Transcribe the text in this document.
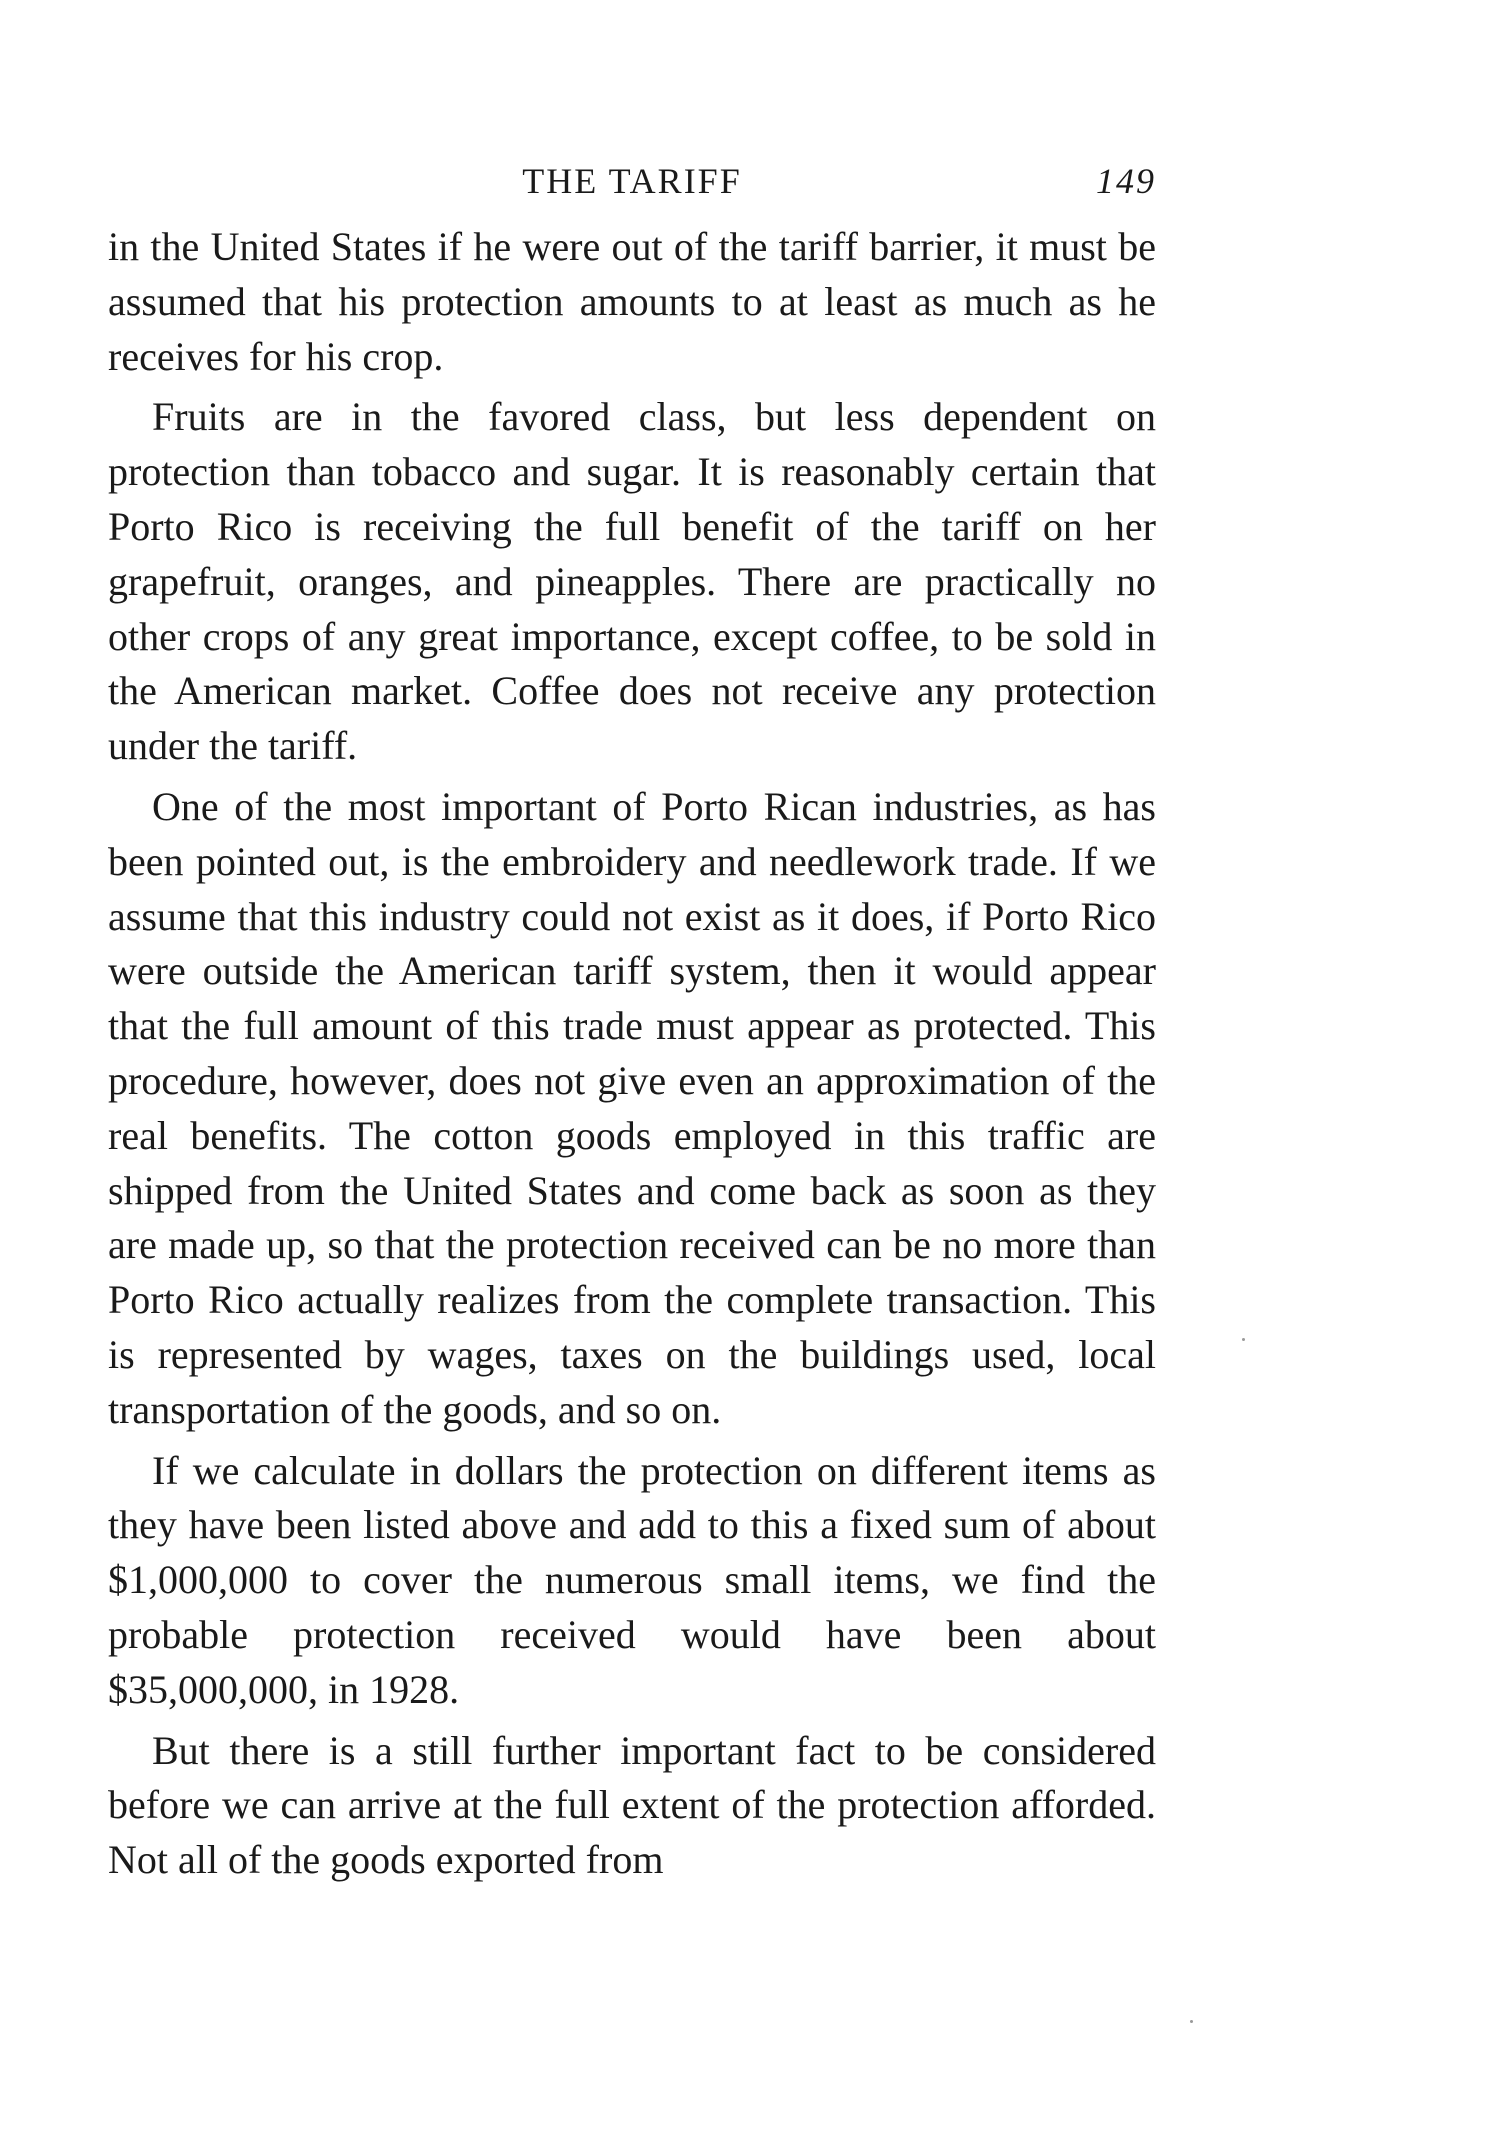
THE TARIFF	149

in the United States if he were out of the tariff barrier, it must be assumed that his protection amounts to at least as much as he receives for his crop.

Fruits are in the favored class, but less dependent on protection than tobacco and sugar. It is reasonably certain that Porto Rico is receiving the full benefit of the tariff on her grapefruit, oranges, and pineapples. There are practically no other crops of any great importance, except coffee, to be sold in the American market. Coffee does not receive any protection under the tariff.

One of the most important of Porto Rican industries, as has been pointed out, is the embroidery and needlework trade. If we assume that this industry could not exist as it does, if Porto Rico were outside the American tariff system, then it would appear that the full amount of this trade must appear as protected. This procedure, however, does not give even an approximation of the real benefits. The cotton goods employed in this traffic are shipped from the United States and come back as soon as they are made up, so that the protection received can be no more than Porto Rico actually realizes from the complete transaction. This is represented by wages, taxes on the buildings used, local transportation of the goods, and so on.

If we calculate in dollars the protection on different items as they have been listed above and add to this a fixed sum of about $1,000,000 to cover the numerous small items, we find the probable protection received would have been about $35,000,000, in 1928.

But there is a still further important fact to be considered before we can arrive at the full extent of the protection afforded. Not all of the goods exported from
